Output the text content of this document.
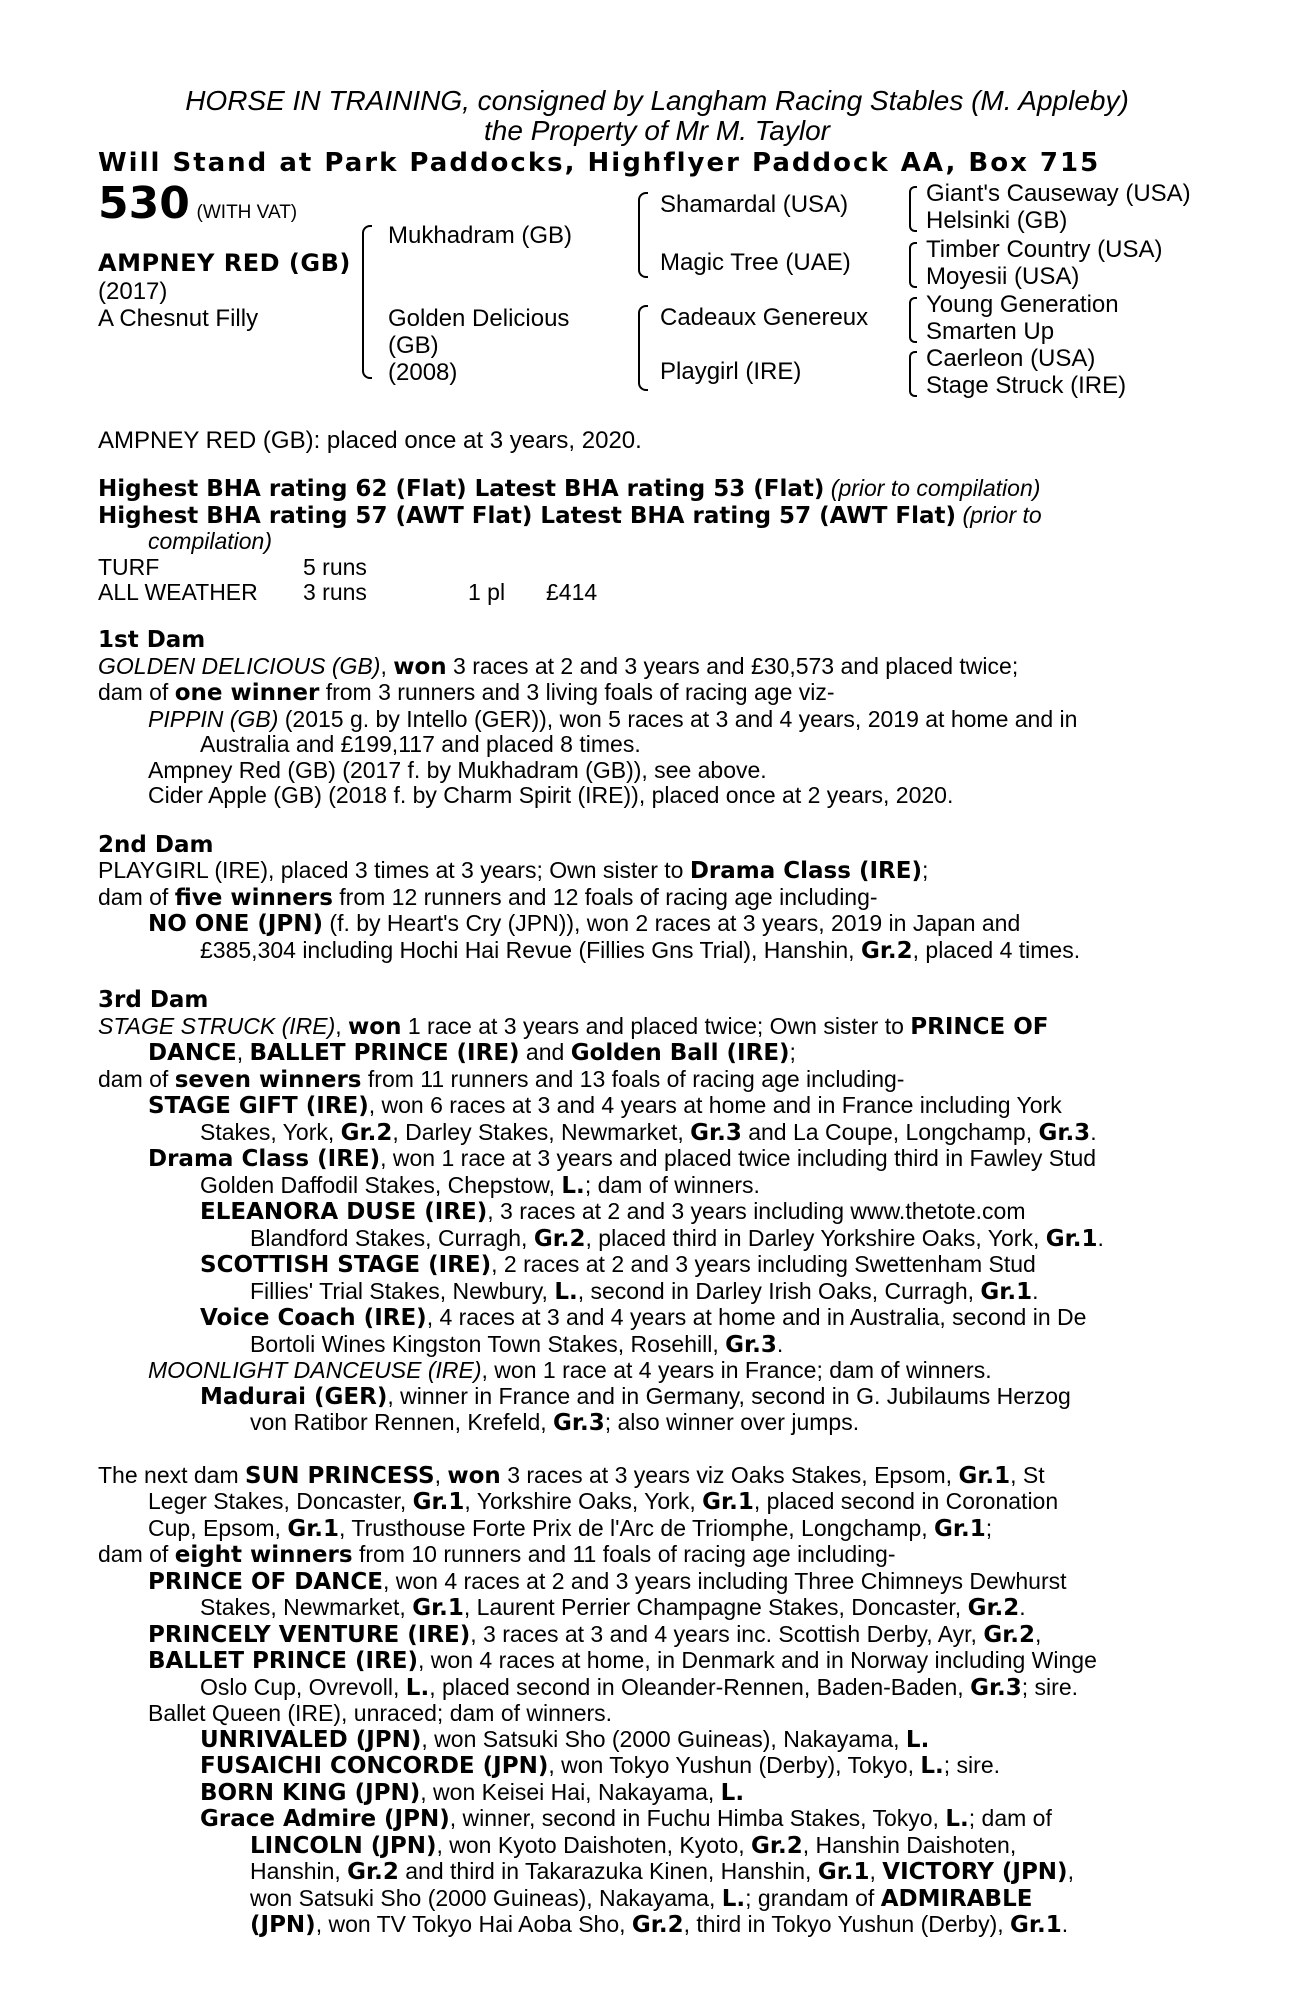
HORSE IN TRAINING, consigned by Langham Racing Stables (M. Appleby)
the Property of Mr M. Taylor
Will Stand at Park Paddocks, Highflyer Paddock AA, Box 715
530 (WITH VAT)
AMPNEY RED (GB)
(2017)
A Chesnut Filly
Mukhadram (GB)
Golden Delicious
(GB)
(2008)
Shamardal (USA)
Magic Tree (UAE)
Cadeaux Genereux
Playgirl (IRE)
Giant's Causeway (USA)
Helsinki (GB)
Timber Country (USA)
Moyesii (USA)
Young Generation
Smarten Up
Caerleon (USA)
Stage Struck (IRE)
AMPNEY RED (GB): placed once at 3 years, 2020.

Highest BHA rating 62 (Flat) Latest BHA rating 53 (Flat) (prior to compilation)

Highest BHA rating 57 (AWT Flat) Latest BHA rating 57 (AWT Flat) (prior to

compilation)

TURF	5 runs		
ALL WEATHER	3 runs	1 pl	£414

1st Dam

GOLDEN DELICIOUS (GB), won 3 races at 2 and 3 years and £30,573 and placed twice;

dam of one winner from 3 runners and 3 living foals of racing age viz-

PIPPIN (GB) (2015 g. by Intello (GER)), won 5 races at 3 and 4 years, 2019 at home and in

Australia and £199,117 and placed 8 times.

Ampney Red (GB) (2017 f. by Mukhadram (GB)), see above.

Cider Apple (GB) (2018 f. by Charm Spirit (IRE)), placed once at 2 years, 2020.

2nd Dam

PLAYGIRL (IRE), placed 3 times at 3 years; Own sister to Drama Class (IRE);

dam of five winners from 12 runners and 12 foals of racing age including-

NO ONE (JPN) (f. by Heart's Cry (JPN)), won 2 races at 3 years, 2019 in Japan and

£385,304 including Hochi Hai Revue (Fillies Gns Trial), Hanshin, Gr.2, placed 4 times.

3rd Dam

STAGE STRUCK (IRE), won 1 race at 3 years and placed twice; Own sister to PRINCE OF

DANCE, BALLET PRINCE (IRE) and Golden Ball (IRE);

dam of seven winners from 11 runners and 13 foals of racing age including-

STAGE GIFT (IRE), won 6 races at 3 and 4 years at home and in France including York

Stakes, York, Gr.2, Darley Stakes, Newmarket, Gr.3 and La Coupe, Longchamp, Gr.3.

Drama Class (IRE), won 1 race at 3 years and placed twice including third in Fawley Stud

Golden Daffodil Stakes, Chepstow, L.; dam of winners.

ELEANORA DUSE (IRE), 3 races at 2 and 3 years including www.thetote.com

Blandford Stakes, Curragh, Gr.2, placed third in Darley Yorkshire Oaks, York, Gr.1.

SCOTTISH STAGE (IRE), 2 races at 2 and 3 years including Swettenham Stud

Fillies' Trial Stakes, Newbury, L., second in Darley Irish Oaks, Curragh, Gr.1.

Voice Coach (IRE), 4 races at 3 and 4 years at home and in Australia, second in De

Bortoli Wines Kingston Town Stakes, Rosehill, Gr.3.

MOONLIGHT DANCEUSE (IRE), won 1 race at 4 years in France; dam of winners.

Madurai (GER), winner in France and in Germany, second in G. Jubilaums Herzog

von Ratibor Rennen, Krefeld, Gr.3; also winner over jumps.

The next dam SUN PRINCESS, won 3 races at 3 years viz Oaks Stakes, Epsom, Gr.1, St

Leger Stakes, Doncaster, Gr.1, Yorkshire Oaks, York, Gr.1, placed second in Coronation

Cup, Epsom, Gr.1, Trusthouse Forte Prix de l'Arc de Triomphe, Longchamp, Gr.1;

dam of eight winners from 10 runners and 11 foals of racing age including-

PRINCE OF DANCE, won 4 races at 2 and 3 years including Three Chimneys Dewhurst

Stakes, Newmarket, Gr.1, Laurent Perrier Champagne Stakes, Doncaster, Gr.2.

PRINCELY VENTURE (IRE), 3 races at 3 and 4 years inc. Scottish Derby, Ayr, Gr.2,

BALLET PRINCE (IRE), won 4 races at home, in Denmark and in Norway including Winge

Oslo Cup, Ovrevoll, L., placed second in Oleander-Rennen, Baden-Baden, Gr.3; sire.

Ballet Queen (IRE), unraced; dam of winners.

UNRIVALED (JPN), won Satsuki Sho (2000 Guineas), Nakayama, L.

FUSAICHI CONCORDE (JPN), won Tokyo Yushun (Derby), Tokyo, L.; sire.

BORN KING (JPN), won Keisei Hai, Nakayama, L.

Grace Admire (JPN), winner, second in Fuchu Himba Stakes, Tokyo, L.; dam of

LINCOLN (JPN), won Kyoto Daishoten, Kyoto, Gr.2, Hanshin Daishoten,

Hanshin, Gr.2 and third in Takarazuka Kinen, Hanshin, Gr.1, VICTORY (JPN),

won Satsuki Sho (2000 Guineas), Nakayama, L.; grandam of ADMIRABLE

(JPN), won TV Tokyo Hai Aoba Sho, Gr.2, third in Tokyo Yushun (Derby), Gr.1.
